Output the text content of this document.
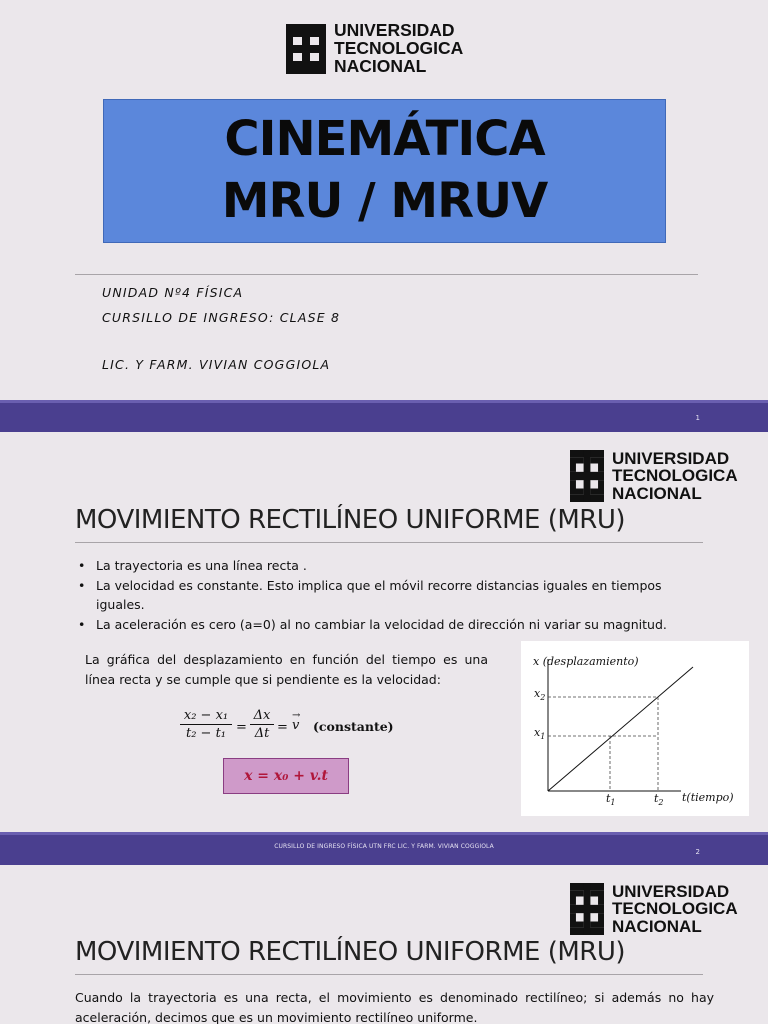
UNIVERSIDAD
TECNOLOGICA
NACIONAL
CINEMÁTICA
MRU / MRUV
UNIDAD Nº4 FÍSICA
CURSILLO DE INGRESO: CLASE 8
LIC. Y FARM. VIVIAN COGGIOLA
1
UNIVERSIDAD
TECNOLOGICA
NACIONAL
MOVIMIENTO RECTILÍNEO UNIFORME (MRU)
• La trayectoria es una línea recta .
• La velocidad es constante. Esto implica que el móvil recorre distancias iguales en tiempos iguales.
• La aceleración es cero (a=0) al no cambiar la velocidad de dirección ni variar su magnitud.
La gráfica del desplazamiento en función del tiempo es una línea recta y se cumple que si pendiente es la velocidad:
x₂ − x₁
t₂ − t₁ =
Δx
Δt =
→
v (constante)
x = x₀ + v.t
x (desplazamiento)
t(tiempo)
$x_2$
$x_1$
$t_1$	$t_2$
CURSILLO DE INGRESO FÍSICA UTN FRC LIC. Y FARM. VIVIAN COGGIOLA
2
UNIVERSIDAD
TECNOLOGICA
NACIONAL
MOVIMIENTO RECTILÍNEO UNIFORME (MRU)
Cuando la trayectoria es una recta, el movimiento es denominado rectilíneo; si además no hay aceleración, decimos que es un movimiento rectilíneo uniforme.
